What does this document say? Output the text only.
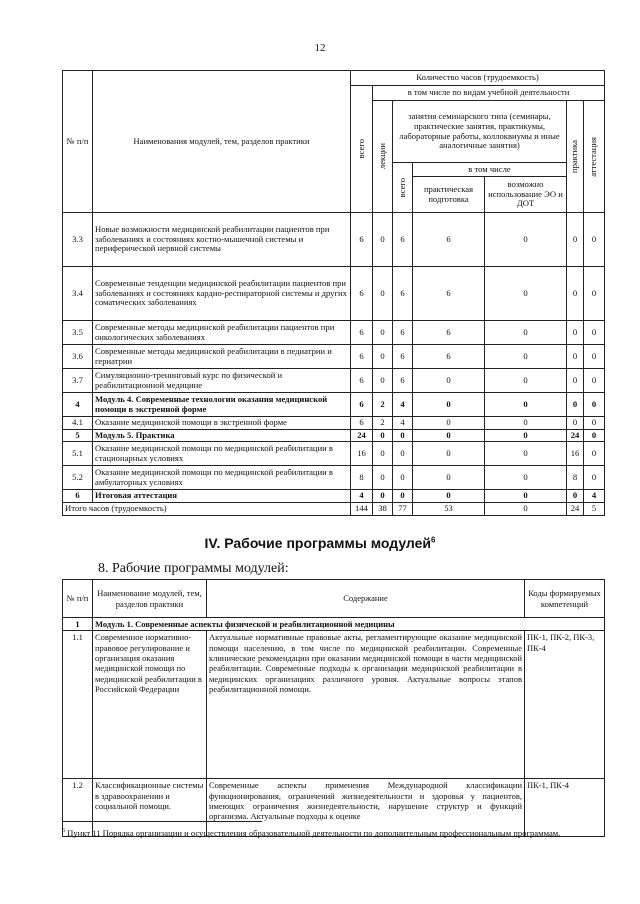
12
№ п/п	Наименования модулей, тем, разделов практики	Количество часов (трудоемкость)						

		всего	в том числе по видам учебной деятельности					

			лекции	занятия семинарского типа (семинары, практические занятия, практикумы, лабораторные работы, коллоквиумы и иные аналогичные занятия)			практика	аттестация

				всего	в том числе			
					практическая подготовка	возможно использование ЭО и ДОТ		
3.3	Новые возможности медицинской реабилитации пациентов при заболеваниях и состояниях костно-мышечной системы и периферической нервной системы	6	0	6	6	0	0	0
3.4	Современные тенденции медицинской реабилитации пациентов при заболеваниях и состояниях кардио-респираторной системы и других соматических заболеваниях	6	0	6	6	0	0	0
3.5	Современные методы медицинской реабилитации пациентов при онкологических заболеваниях	6	0	6	6	0	0	0
3.6	Современные методы медицинской реабилитации в педиатрии и гериатрии	6	0	6	6	0	0	0
3.7	Симуляционно-тренинговый курс по физической и реабилитационной медицине	6	0	6	0	0	0	0
4	Модуль 4. Современные технологии оказания медицинской помощи в экстренной форме	6	2	4	0	0	0	0
4.1	Оказание медицинской помощи в экстренной форме	6	2	4	0	0	0	0
5	Модуль 5. Практика	24	0	0	0	0	24	0
5.1	Оказание медицинской помощи по медицинской реабилитации в стационарных условиях	16	0	0	0	0	16	0
5.2	Оказание медицинской помощи по медицинской реабилитации в амбулаторных условиях	8	0	0	0	0	8	0
6	Итоговая аттестация	4	0	0	0	0	0	4
Итого часов (трудоемкость)		144	38	77	53	0	24	5
IV. Рабочие программы модулей$^6$
8. Рабочие программы модулей:
№ п/п	Наименование модулей, тем, разделов практики	Содержание	Коды формируемых компетенций
1	Модуль 1. Современные аспекты физической и реабилитационной медицины		
1.1	Современное нормативно-правовое регулирование и организация оказания медицинской помощи по медицинской реабилитации в Российской Федерации	Актуальные нормативные правовые акты, регламентирующие оказание медицинской помощи населению, в том числе по медицинской реабилитации. Современные клинические рекомендации при оказании медицинской помощи в части медицинской реабилитации. Современные подходы к организации медицинской реабилитации в медицинских организациях различного уровня. Актуальные вопросы этапов реабилитационной помощи.	ПК-1, ПК-2, ПК-3, ПК-4
1.2	Классификационные системы в здравоохранении и социальной помощи.	Современные аспекты применения Международной классификации функционирования, ограничений жизнедеятельности и здоровья у пациентов, имеющих ограничения жизнедеятельности, нарушение структур и функций организма. Актуальные подходы к оценке	ПК-1, ПК-4
$^6$ Пункт 11 Порядка организации и осуществления образовательной деятельности по дополнительным профессиональным программам.
